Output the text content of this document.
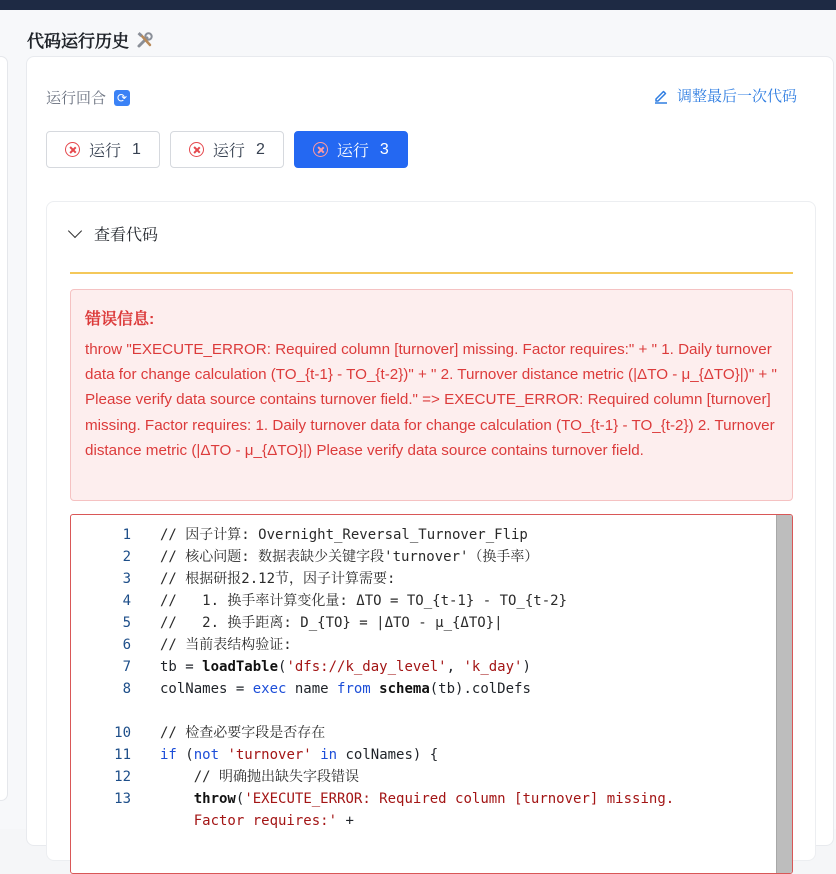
代码运行历史
运行回合 ⟳	调整最后一次代码
运行 1	运行 2	运行 3
查看代码
错误信息:
throw "EXECUTE_ERROR: Required column [turnover] missing. Factor requires:" + " 1. Daily turnover data for change calculation (TO_{t-1} - TO_{t-2})" + " 2. Turnover distance metric (|ΔTO - μ_{ΔTO}|)" + " Please verify data source contains turnover field." => EXECUTE_ERROR: Required column [turnover] missing. Factor requires: 1. Daily turnover data for change calculation (TO_{t-1} - TO_{t-2}) 2. Turnover distance metric (|ΔTO - μ_{ΔTO}|) Please verify data source contains turnover field.
1	// 因子计算: Overnight_Reversal_Turnover_Flip
2	// 核心问题: 数据表缺少关键字段'turnover'（换手率）
3	// 根据研报2.12节，因子计算需要:
4	//   1. 换手率计算变化量: ΔTO = TO_{t-1} - TO_{t-2}
5	//   2. 换手距离: D_{TO} = |ΔTO - μ_{ΔTO}|
6	// 当前表结构验证:
7	tb = loadTable('dfs://k_day_level', 'k_day')
8	colNames = exec name from schema(tb).colDefs
10	// 检查必要字段是否存在
11	if (not 'turnover' in colNames) {
12	// 明确抛出缺失字段错误
13	throw('EXECUTE_ERROR: Required column [turnover] missing.
Factor requires:' +
